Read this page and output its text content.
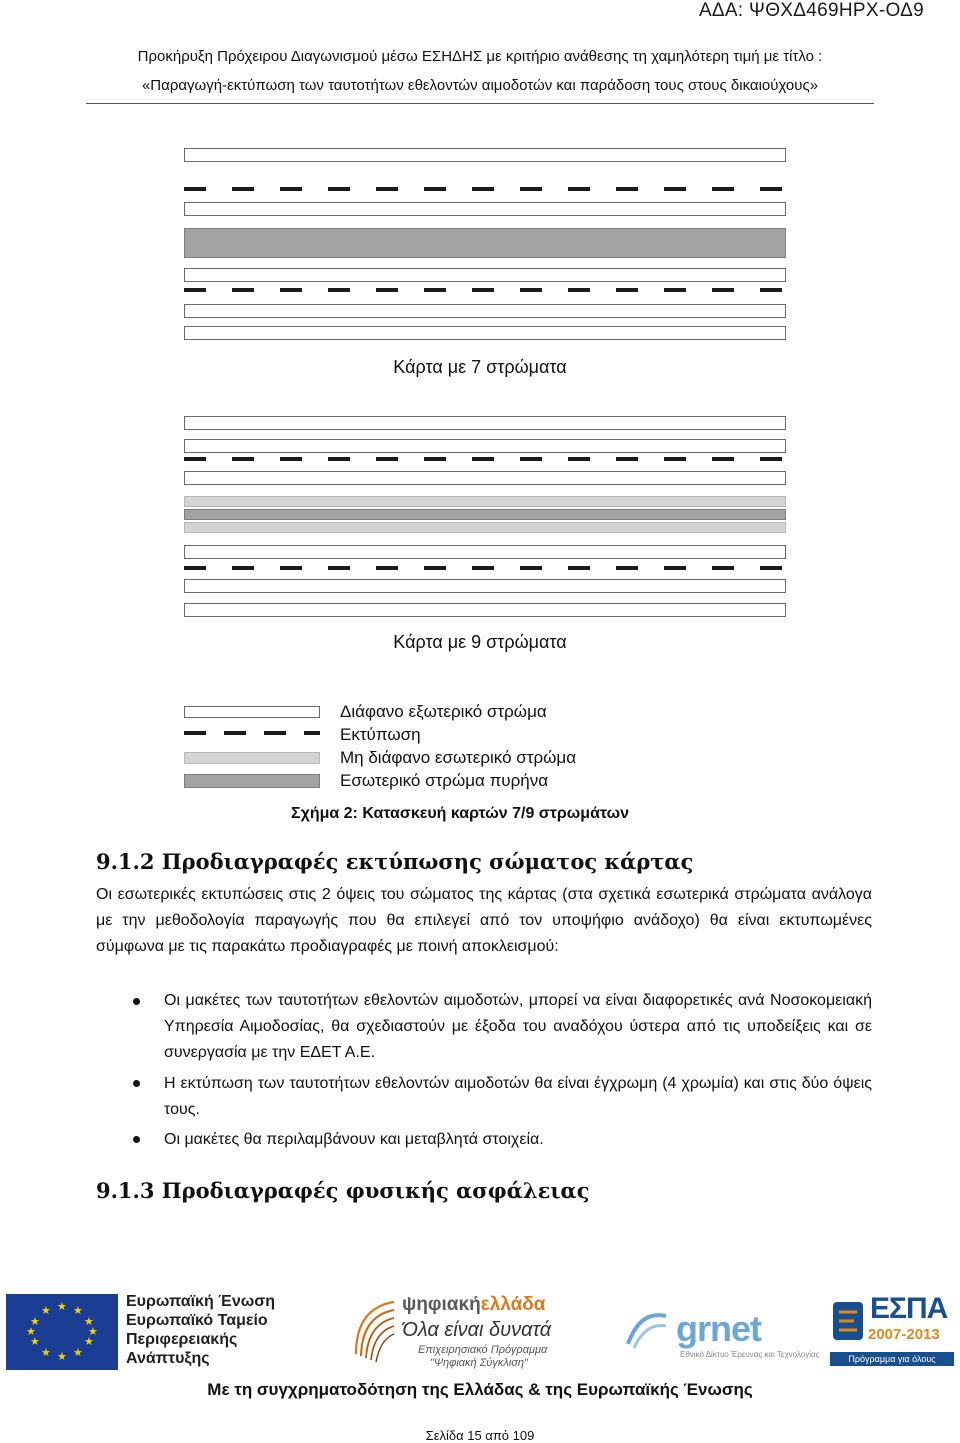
ΑΔΑ: ΨΘΧΔ469ΗΡΧ-ΟΔ9
Προκήρυξη Πρόχειρου Διαγωνισμού μέσω ΕΣΗΔΗΣ με κριτήριο ανάθεσης τη χαμηλότερη τιμή με τίτλο :
«Παραγωγή-εκτύπωση των ταυτοτήτων εθελοντών αιμοδοτών και παράδοση τους στους δικαιούχους»
Κάρτα με 7 στρώματα
Κάρτα με 9 στρώματα
Διάφανο εξωτερικό στρώμα
Εκτύπωση
Μη διάφανο εσωτερικό στρώμα
Εσωτερικό στρώμα πυρήνα
Σχήμα 2: Κατασκευή καρτών 7/9 στρωμάτων
9.1.2 Προδιαγραφές εκτύπωσης σώματος κάρτας
Οι εσωτερικές εκτυπώσεις στις 2 όψεις του σώματος της κάρτας (στα σχετικά εσωτερικά στρώματα ανάλογα με την μεθοδολογία παραγωγής που θα επιλεγεί από τον υποψήφιο ανάδοχο) θα είναι εκτυπωμένες σύμφωνα με τις παρακάτω προδιαγραφές με ποινή αποκλεισμού:
Οι μακέτες των ταυτοτήτων εθελοντών αιμοδοτών, μπορεί να είναι διαφορετικές ανά Νοσοκομειακή Υπηρεσία Αιμοδοσίας, θα σχεδιαστούν με έξοδα του αναδόχου ύστερα από τις υποδείξεις και σε συνεργασία με την ΕΔΕΤ Α.Ε.
Η εκτύπωση των ταυτοτήτων εθελοντών αιμοδοτών θα είναι έγχρωμη (4 χρωμία) και στις δύο όψεις τους.
Οι μακέτες θα περιλαμβάνουν και μεταβλητά στοιχεία.
9.1.3 Προδιαγραφές φυσικής ασφάλειας
★ ★
★
★
★
★
★
★
★
★
★
★
Ευρωπαϊκή Ένωση
Ευρωπαϊκό Ταμείο
Περιφερειακής
Ανάπτυξης
ψηφιακήελλάδα
Όλα είναι δυνατά
Επιχειρησιακό Πρόγραμμα
"Ψηφιακή Σύγκλιση"
grnet
Εθνικό Δίκτυο Έρευνας και Τεχνολογίας
ΕΣΠΑ
2007-2013
Πρόγραμμα για όλους
Με τη συγχρηματοδότηση της Ελλάδας & της Ευρωπαϊκής Ένωσης
Σελίδα 15 από 109
